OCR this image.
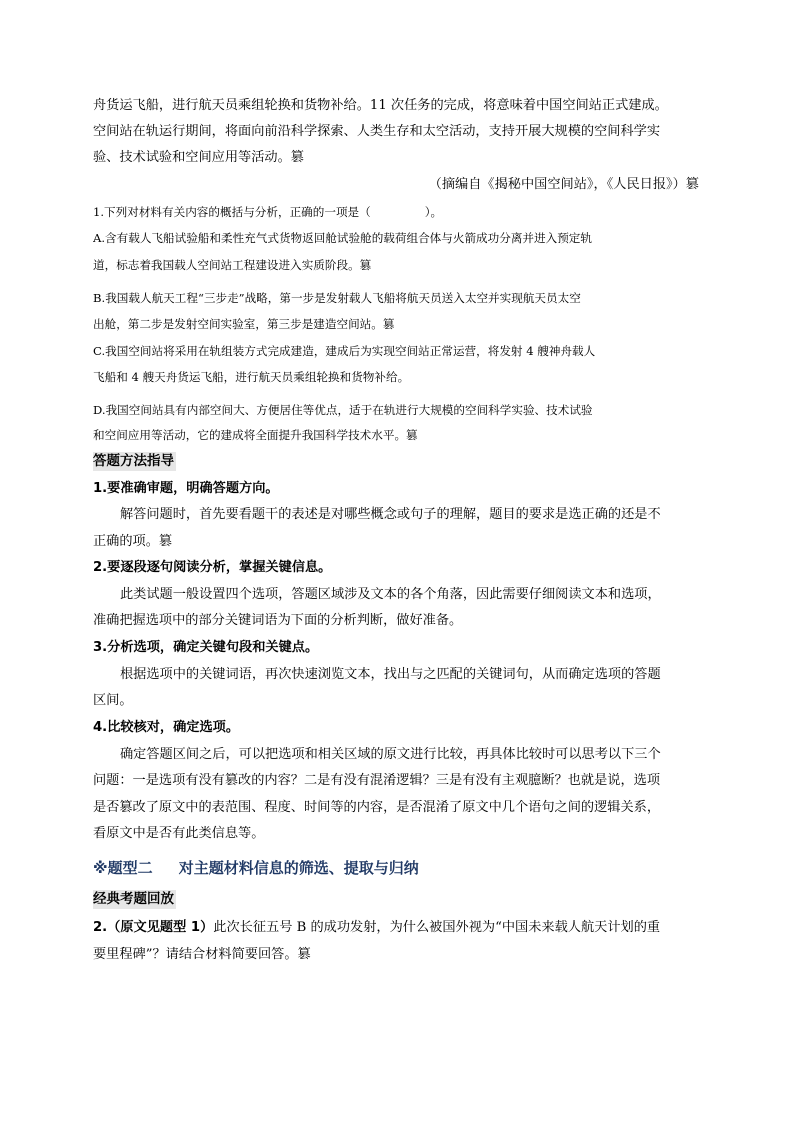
舟货运飞船，进行航天员乘组轮换和货物补给。11 次任务的完成，将意味着中国空间站正式建成。
空间站在轨运行期间，将面向前沿科学探索、人类生存和太空活动，支持开展大规模的空间科学实
验、技术试验和空间应用等活动。篡
（摘编自《揭秘中国空间站》，《人民日报》）篡
1.下列对材料有关内容的概括与分析，正确的一项是（	）。
A.含有载人飞船试验船和柔性充气式货物返回舱试验舱的载荷组合体与火箭成功分离并进入预定轨
道，标志着我国载人空间站工程建设进入实质阶段。篡
B.我国载人航天工程“三步走”战略，第一步是发射载人飞船将航天员送入太空并实现航天员太空
出舱，第二步是发射空间实验室，第三步是建造空间站。篡
C.我国空间站将采用在轨组装方式完成建造，建成后为实现空间站正常运营，将发射 4 艘神舟载人
飞船和 4 艘天舟货运飞船，进行航天员乘组轮换和货物补给。
D.我国空间站具有内部空间大、方便居住等优点，适于在轨进行大规模的空间科学实验、技术试验
和空间应用等活动，它的建成将全面提升我国科学技术水平。篡
答题方法指导
1.要准确审题，明确答题方向。
解答问题时，首先要看题干的表述是对哪些概念或句子的理解，题目的要求是选正确的还是不
正确的项。篡
2.要逐段逐句阅读分析，掌握关键信息。
此类试题一般设置四个选项，答题区域涉及文本的各个角落，因此需要仔细阅读文本和选项，
准确把握选项中的部分关键词语为下面的分析判断，做好准备。
3.分析选项，确定关键句段和关键点。
根据选项中的关键词语，再次快速浏览文本，找出与之匹配的关键词句，从而确定选项的答题
区间。
4.比较核对，确定选项。
确定答题区间之后，可以把选项和相关区域的原文进行比较，再具体比较时可以思考以下三个
问题：一是选项有没有篡改的内容？二是有没有混淆逻辑？三是有没有主观臆断？也就是说，选项
是否篡改了原文中的表范围、程度、时间等的内容，是否混淆了原文中几个语句之间的逻辑关系，
看原文中是否有此类信息等。
※题型二     对主题材料信息的筛选、提取与归纳
经典考题回放
2.（原文见题型 1）此次长征五号 B 的成功发射，为什么被国外视为“中国未来载人航天计划的重
要里程碑”？请结合材料简要回答。篡
